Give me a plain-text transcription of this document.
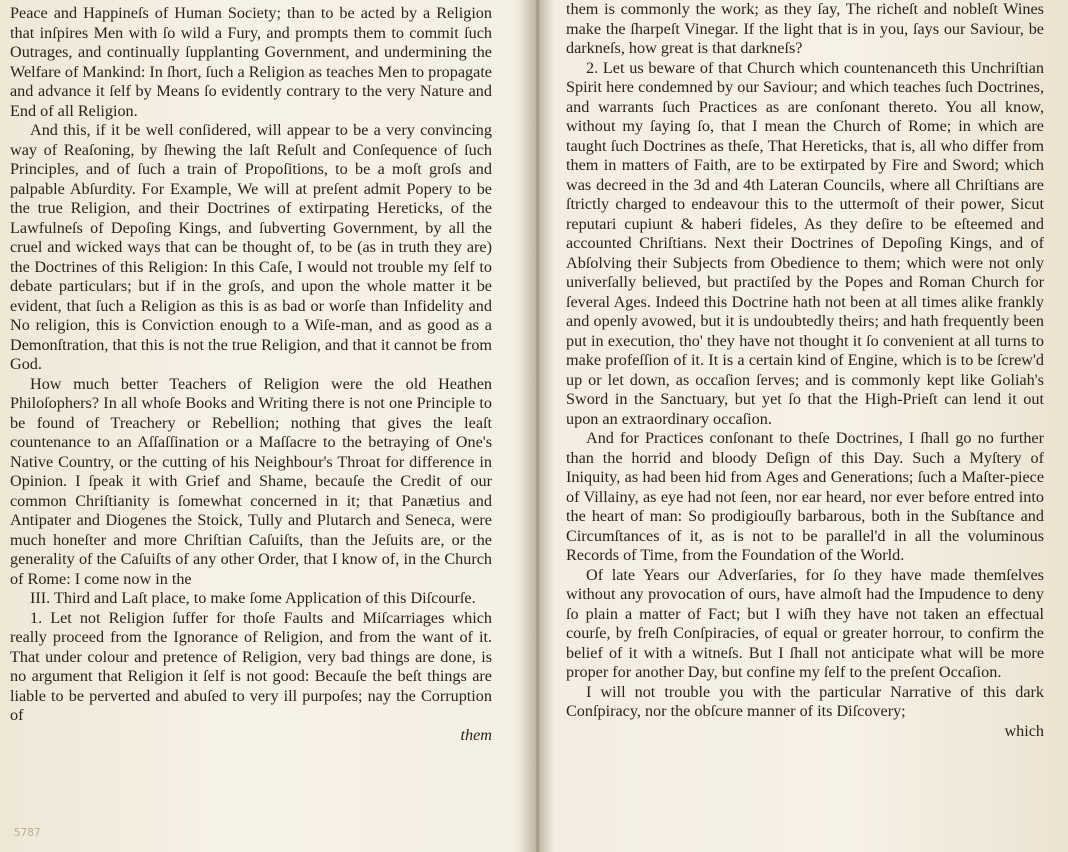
Peace and Happineſs of Human Society; than to be acted by a Religion that inſpires Men with ſo wild a Fury, and prompts them to commit ſuch Outrages, and continually ſupplanting Government, and undermining the Welfare of Mankind: In ſhort, ſuch a Religion as teaches Men to propagate and advance it ſelf by Means ſo evidently contrary to the very Nature and End of all Religion.

And this, if it be well conſidered, will appear to be a very convincing way of Reaſoning, by ſhewing the laſt Reſult and Conſequence of ſuch Principles, and of ſuch a train of Propoſitions, to be a moſt groſs and palpable Abſurdity. For Example, We will at preſent admit Popery to be the true Religion, and their Doctrines of extirpating Hereticks, of the Lawfulneſs of Depoſing Kings, and ſubverting Government, by all the cruel and wicked ways that can be thought of, to be (as in truth they are) the Doctrines of this Religion: In this Caſe, I would not trouble my ſelf to debate particulars; but if in the groſs, and upon the whole matter it be evident, that ſuch a Religion as this is as bad or worſe than Infidelity and No religion, this is Conviction enough to a Wiſe-man, and as good as a Demonſtration, that this is not the true Religion, and that it cannot be from God.

How much better Teachers of Religion were the old Heathen Philoſophers? In all whoſe Books and Writing there is not one Principle to be found of Treachery or Rebellion; nothing that gives the leaſt countenance to an Aſſaſſination or a Maſſacre to the betraying of One's Native Country, or the cutting of his Neighbour's Throat for difference in Opinion. I ſpeak it with Grief and Shame, becauſe the Credit of our common Chriſtianity is ſomewhat concerned in it; that Panætius and Antipater and Diogenes the Stoick, Tully and Plutarch and Seneca, were much honeſter and more Chriſtian Caſuiſts, than the Jeſuits are, or the generality of the Caſuiſts of any other Order, that I know of, in the Church of Rome: I come now in the

III. Third and Laſt place, to make ſome Application of this Diſcourſe.

1. Let not Religion ſuffer for thoſe Faults and Miſcarriages which really proceed from the Ignorance of Religion, and from the want of it. That under colour and pretence of Religion, very bad things are done, is no argument that Religion it ſelf is not good: Becauſe the beſt things are liable to be perverted and abuſed to very ill purpoſes; nay the Corruption of

them

them is commonly the work; as they ſay, The richeſt and nobleſt Wines make the ſharpeſt Vinegar. If the light that is in you, ſays our Saviour, be darkneſs, how great is that darkneſs?

2. Let us beware of that Church which countenanceth this Unchriſtian Spirit here condemned by our Saviour; and which teaches ſuch Doctrines, and warrants ſuch Practices as are conſonant thereto. You all know, without my ſaying ſo, that I mean the Church of Rome; in which are taught ſuch Doctrines as theſe, That Hereticks, that is, all who differ from them in matters of Faith, are to be extirpated by Fire and Sword; which was decreed in the 3d and 4th Lateran Councils, where all Chriſtians are ſtrictly charged to endeavour this to the uttermoſt of their power, Sicut reputari cupiunt & haberi fideles, As they deſire to be eſteemed and accounted Chriſtians. Next their Doctrines of Depoſing Kings, and of Abſolving their Subjects from Obedience to them; which were not only univerſally believed, but practiſed by the Popes and Roman Church for ſeveral Ages. Indeed this Doctrine hath not been at all times alike frankly and openly avowed, but it is undoubtedly theirs; and hath frequently been put in execution, tho' they have not thought it ſo convenient at all turns to make profeſſion of it. It is a certain kind of Engine, which is to be ſcrew'd up or let down, as occaſion ſerves; and is commonly kept like Goliah's Sword in the Sanctuary, but yet ſo that the High-Prieſt can lend it out upon an extraordinary occaſion.

And for Practices conſonant to theſe Doctrines, I ſhall go no further than the horrid and bloody Deſign of this Day. Such a Myſtery of Iniquity, as had been hid from Ages and Generations; ſuch a Maſter-piece of Villainy, as eye had not ſeen, nor ear heard, nor ever before entred into the heart of man: So prodigiouſly barbarous, both in the Subſtance and Circumſtances of it, as is not to be parallel'd in all the voluminous Records of Time, from the Foundation of the World.

Of late Years our Adverſaries, for ſo they have made themſelves without any provocation of ours, have almoſt had the Impudence to deny ſo plain a matter of Fact; but I wiſh they have not taken an effectual courſe, by freſh Conſpiracies, of equal or greater horrour, to confirm the belief of it with a witneſs. But I ſhall not anticipate what will be more proper for another Day, but confine my ſelf to the preſent Occaſion.

I will not trouble you with the particular Narrative of this dark Conſpiracy, nor the obſcure manner of its Diſcovery;

which
5787
